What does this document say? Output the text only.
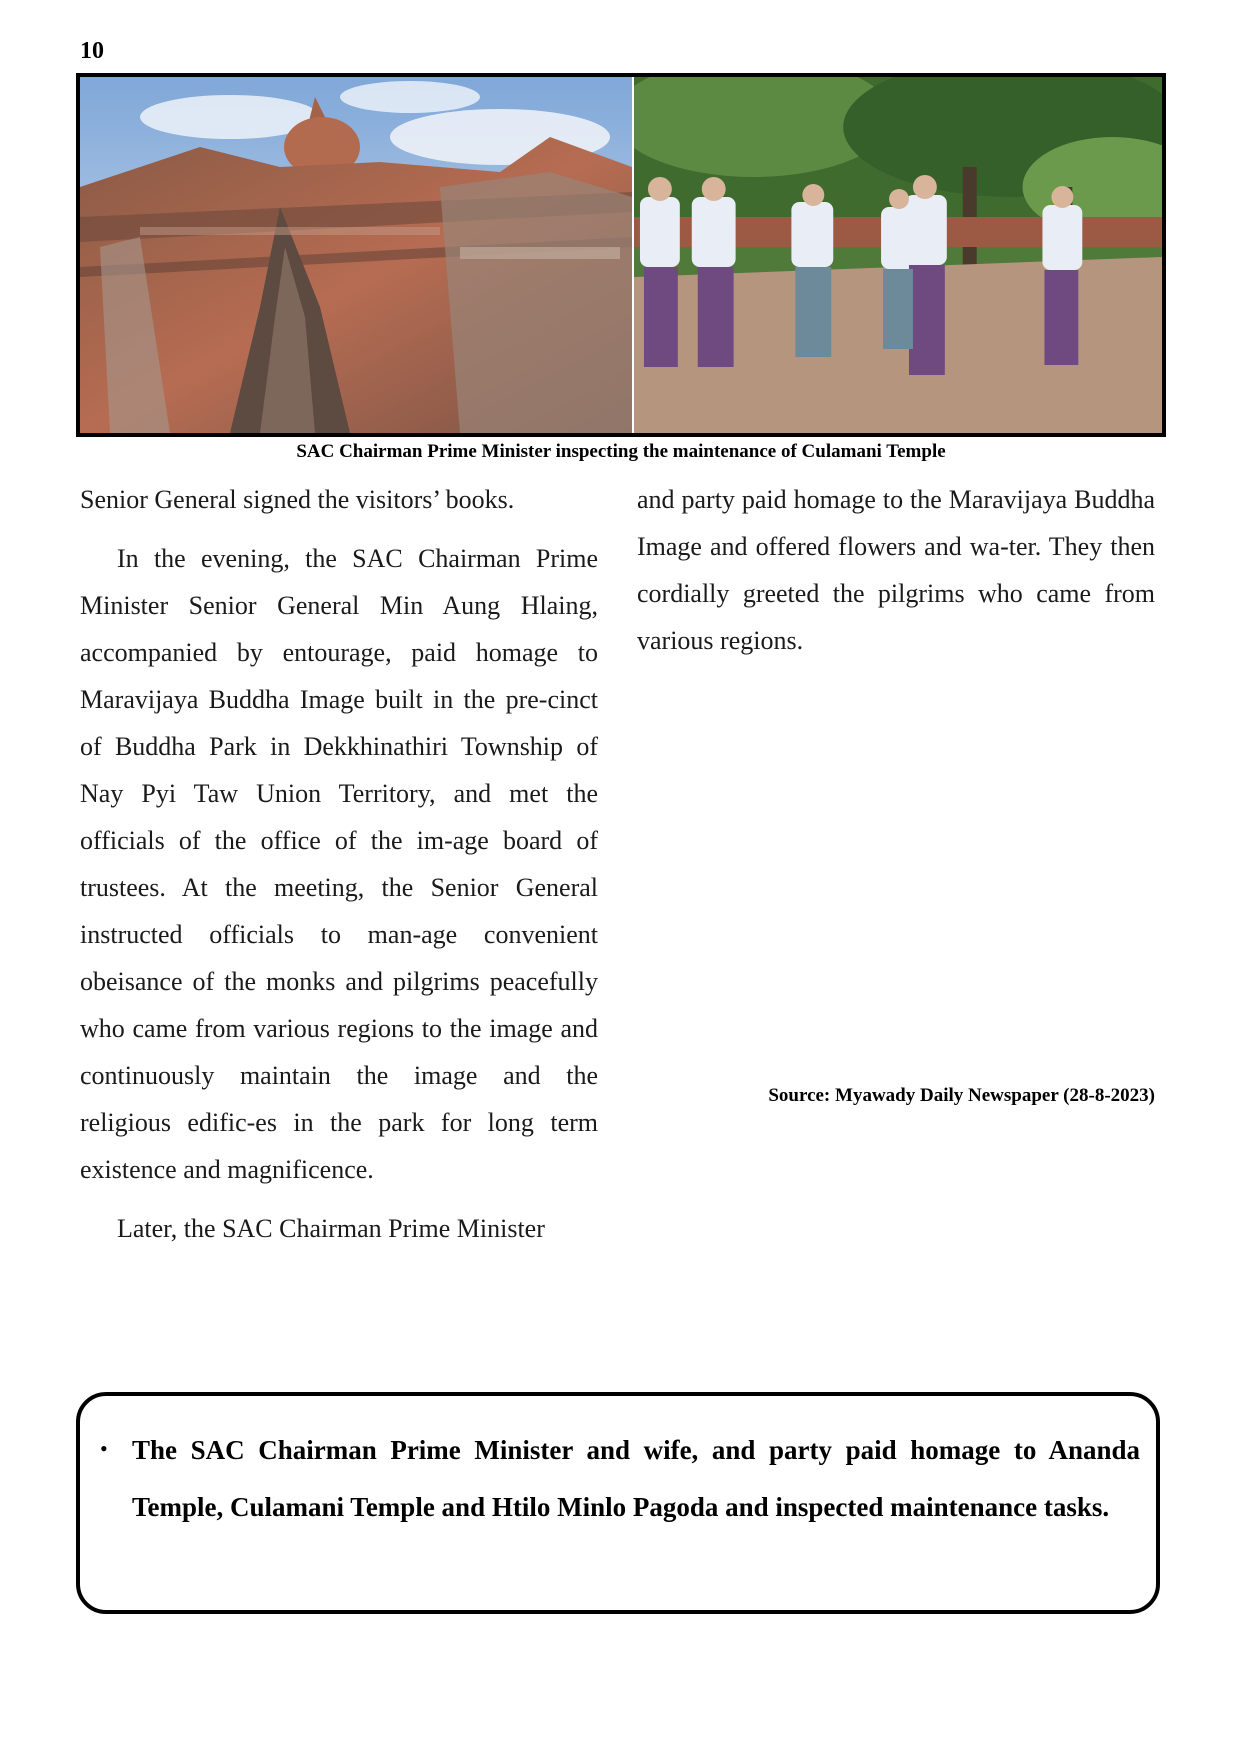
10
SAC Chairman Prime Minister inspecting the maintenance of Culamani Temple

Senior General signed the visitors’ books.

In the evening, the SAC Chairman Prime Minister Senior General Min Aung Hlaing, accompanied by entourage, paid homage to Maravijaya Buddha Image built in the pre-cinct of Buddha Park in Dekkhinathiri Township of Nay Pyi Taw Union Territory, and met the officials of the office of the im-age board of trustees. At the meeting, the Senior General instructed officials to man-age convenient obeisance of the monks and pilgrims peacefully who came from various regions to the image and continuously maintain the image and the religious edific-es in the park for long term existence and magnificence.

Later, the SAC Chairman Prime Minister

and party paid homage to the Maravijaya Buddha Image and offered flowers and wa-ter. They then cordially greeted the pilgrims who came from various regions.

Source: Myawady Daily Newspaper (28-8-2023)
• The SAC Chairman Prime Minister and wife, and party paid homage to Ananda Temple, Culamani Temple and Htilo Minlo Pagoda and inspected maintenance tasks.
